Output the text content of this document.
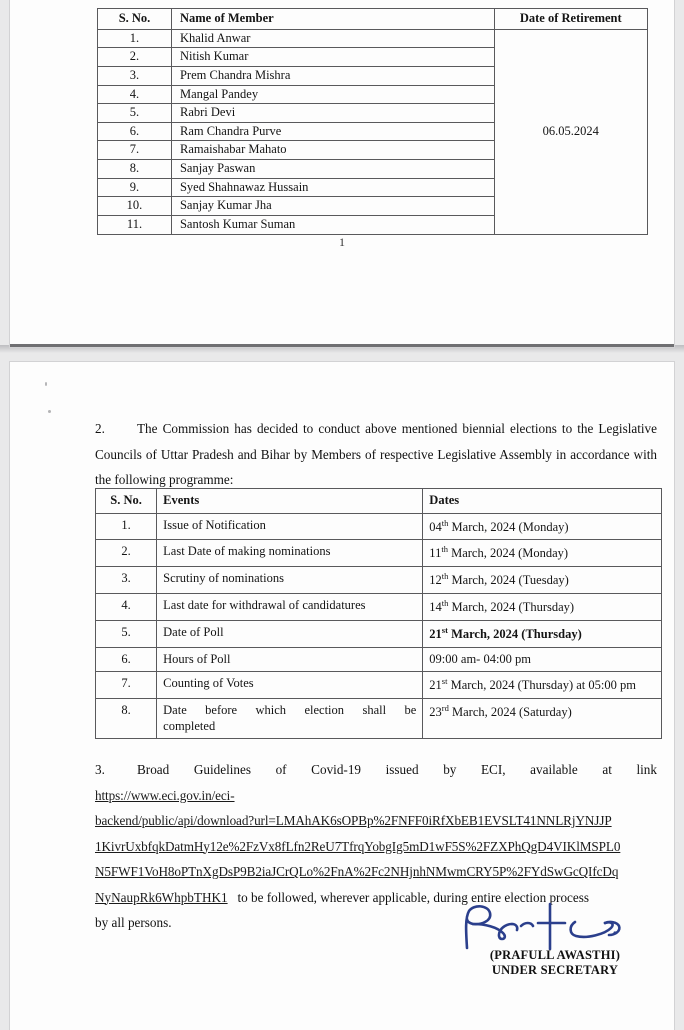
S. No.	Name of Member	Date of Retirement
1.	Khalid Anwar	06.05.2024
2.	Nitish Kumar	
3.	Prem Chandra Mishra	
4.	Mangal Pandey	
5.	Rabri Devi	
6.	Ram Chandra Purve	
7.	Ramaishabar Mahato	
8.	Sanjay Paswan	
9.	Syed Shahnawaz Hussain	
10.	Sanjay Kumar Jha	
11.	Santosh Kumar Suman	
1
2. The Commission has decided to conduct above mentioned biennial elections to the Legislative Councils of Uttar Pradesh and Bihar by Members of respective Legislative Assembly in accordance with the following programme:
S. No.	Events	Dates
1.	Issue of Notification	04th March, 2024 (Monday)
2.	Last Date of making nominations	11th March, 2024 (Monday)
3.	Scrutiny of nominations	12th March, 2024 (Tuesday)
4.	Last date for withdrawal of candidatures	14th March, 2024 (Thursday)
5.	Date of Poll	21st March, 2024 (Thursday)
6.	Hours of Poll	09:00 am- 04:00 pm
7.	Counting of Votes	21st March, 2024 (Thursday) at 05:00 pm
8.	Date before which election shall be
completed	23rd March, 2024 (Saturday)
3. Broad Guidelines of Covid-19 issued by ECI, available at link
https://www.eci.gov.in/eci-
backend/public/api/download?url=LMAhAK6sOPBp%2FNFF0iRfXbEB1EVSLT41NNLRjYNJJP
1KivrUxbfqkDatmHy12e%2FzVx8fLfn2ReU7TfrqYobgIg5mD1wF5S%2FZXPhQgD4VIKlMSPL0
N5FWF1VoH8oPTnXgDsP9B2iaJCrQLo%2FnA%2Fc2NHjnhNMwmCRY5P%2FYdSwGcQIfcDq
NyNaupRk6WhpbTHK1 to be followed, wherever applicable, during entire election process
by all persons.
(PRAFULL AWASTHI)
UNDER SECRETARY
